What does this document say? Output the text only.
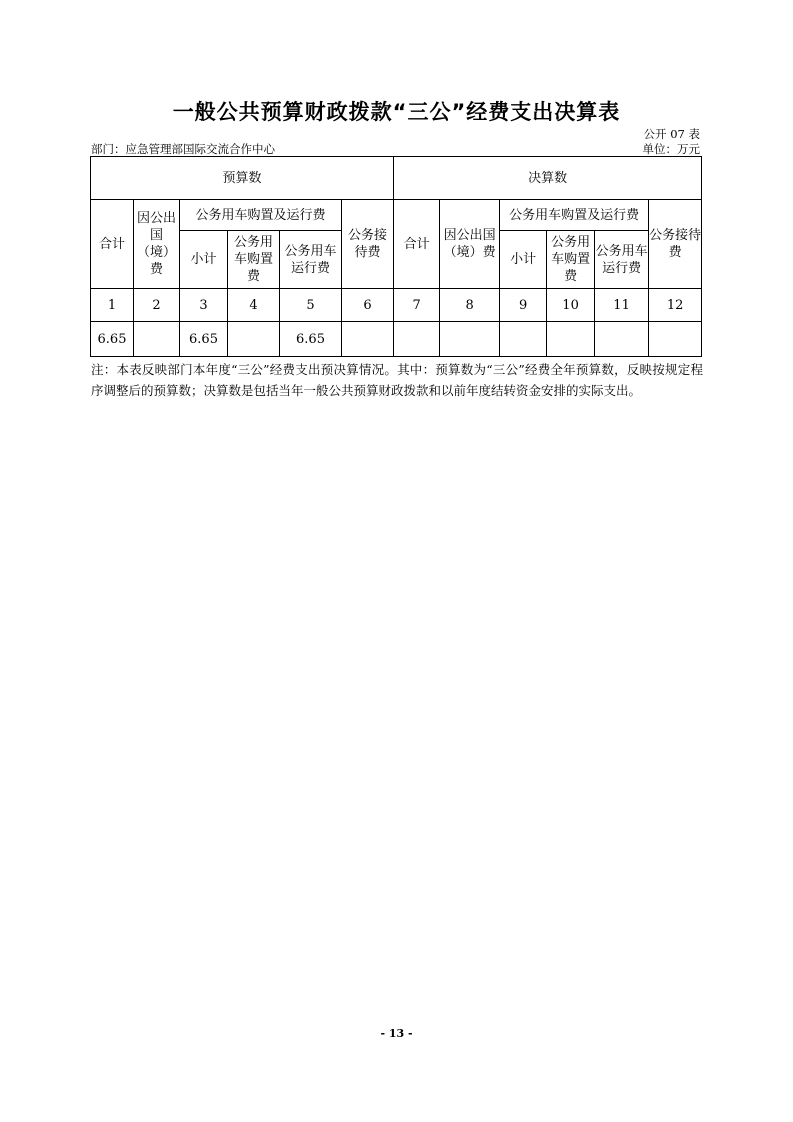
一般公共预算财政拨款“三公”经费支出决算表
公开 07 表
部门：应急管理部国际交流合作中心	单位：万元
预算数						决算数					
合计	因公出国（境）费	公务用车购置及运行费			公务接待费	合计	因公出国（境）费	公务用车购置及运行费			公务接待费
		小计	公务用车购置费	公务用车运行费				小计	公务用车购置费	公务用车运行费	
1	2	3	4	5	6	7	8	9	10	11	12
6.65		6.65		6.65							
注：本表反映部门本年度“三公”经费支出预决算情况。其中：预算数为“三公”经费全年预算数，反映按规定程序调整后的预算数；决算数是包括当年一般公共预算财政拨款和以前年度结转资金安排的实际支出。
- 13 -
